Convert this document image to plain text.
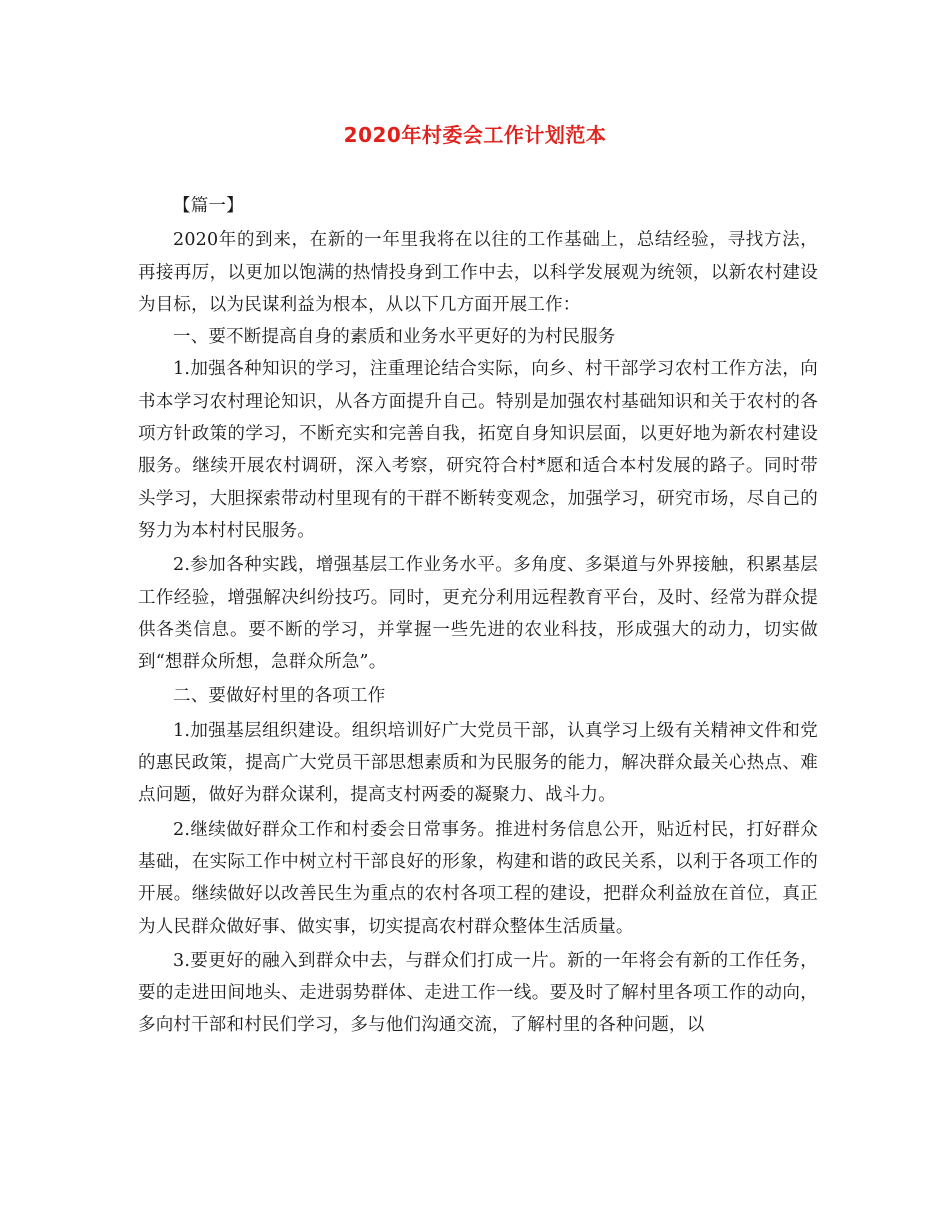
2020年村委会工作计划范本

【篇一】

2020年的到来，在新的一年里我将在以往的工作基础上，总结经验，寻找方法，再接再厉，以更加以饱满的热情投身到工作中去，以科学发展观为统领，以新农村建设为目标，以为民谋利益为根本，从以下几方面开展工作：

一、要不断提高自身的素质和业务水平更好的为村民服务

1.加强各种知识的学习，注重理论结合实际，向乡、村干部学习农村工作方法，向书本学习农村理论知识，从各方面提升自己。特别是加强农村基础知识和关于农村的各项方针政策的学习，不断充实和完善自我，拓宽自身知识层面，以更好地为新农村建设服务。继续开展农村调研，深入考察，研究符合村*愿和适合本村发展的路子。同时带头学习，大胆探索带动村里现有的干群不断转变观念，加强学习，研究市场，尽自己的努力为本村村民服务。

2.参加各种实践，增强基层工作业务水平。多角度、多渠道与外界接触，积累基层工作经验，增强解决纠纷技巧。同时，更充分利用远程教育平台，及时、经常为群众提供各类信息。要不断的学习，并掌握一些先进的农业科技，形成强大的动力，切实做到“想群众所想，急群众所急”。

二、要做好村里的各项工作

1.加强基层组织建设。组织培训好广大党员干部，认真学习上级有关精神文件和党的惠民政策，提高广大党员干部思想素质和为民服务的能力，解决群众最关心热点、难点问题，做好为群众谋利，提高支村两委的凝聚力、战斗力。

2.继续做好群众工作和村委会日常事务。推进村务信息公开，贴近村民，打好群众基础，在实际工作中树立村干部良好的形象，构建和谐的政民关系，以利于各项工作的开展。继续做好以改善民生为重点的农村各项工程的建设，把群众利益放在首位，真正为人民群众做好事、做实事，切实提高农村群众整体生活质量。

3.要更好的融入到群众中去，与群众们打成一片。新的一年将会有新的工作任务，要的走进田间地头、走进弱势群体、走进工作一线。要及时了解村里各项工作的动向，多向村干部和村民们学习，多与他们沟通交流，了解村里的各种问题，以
